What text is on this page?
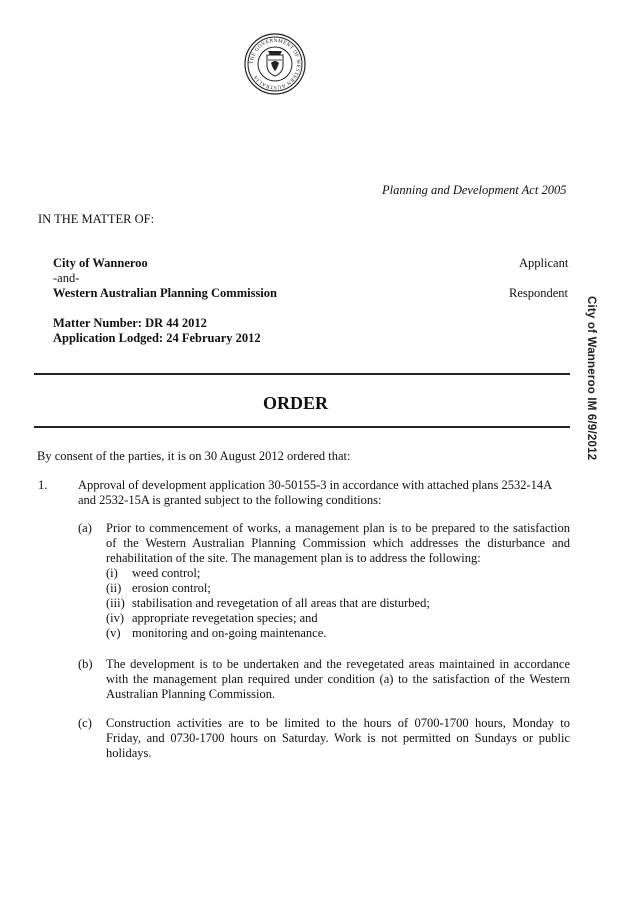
THE GOVERNMENT OF WESTERN AUSTRALIA
Planning and Development Act 2005
IN THE MATTER OF:
City of Wanneroo	Applicant
-and-
Western Australian Planning Commission	Respondent
Matter Number: DR 44 2012
Application Lodged: 24 February 2012
ORDER
By consent of the parties, it is on 30 August 2012 ordered that:
1. Approval of development application 30-50155-3 in accordance with attached plans 2532-14A
and 2532-15A is granted subject to the following conditions:
(a) Prior to commencement of works, a management plan is to be prepared to the satisfaction
of the Western Australian Planning Commission which addresses the disturbance and
rehabilitation of the site. The management plan is to address the following:
(i) weed control;
(ii) erosion control;
(iii) stabilisation and revegetation of all areas that are disturbed;
(iv) appropriate revegetation species; and
(v) monitoring and on-going maintenance.
(b) The development is to be undertaken and the revegetated areas maintained in accordance
with the management plan required under condition (a) to the satisfaction of the Western
Australian Planning Commission.
(c) Construction activities are to be limited to the hours of 0700-1700 hours, Monday to
Friday, and 0730-1700 hours on Saturday. Work is not permitted on Sundays or public
holidays.
City of Wanneroo IM 6/9/2012
